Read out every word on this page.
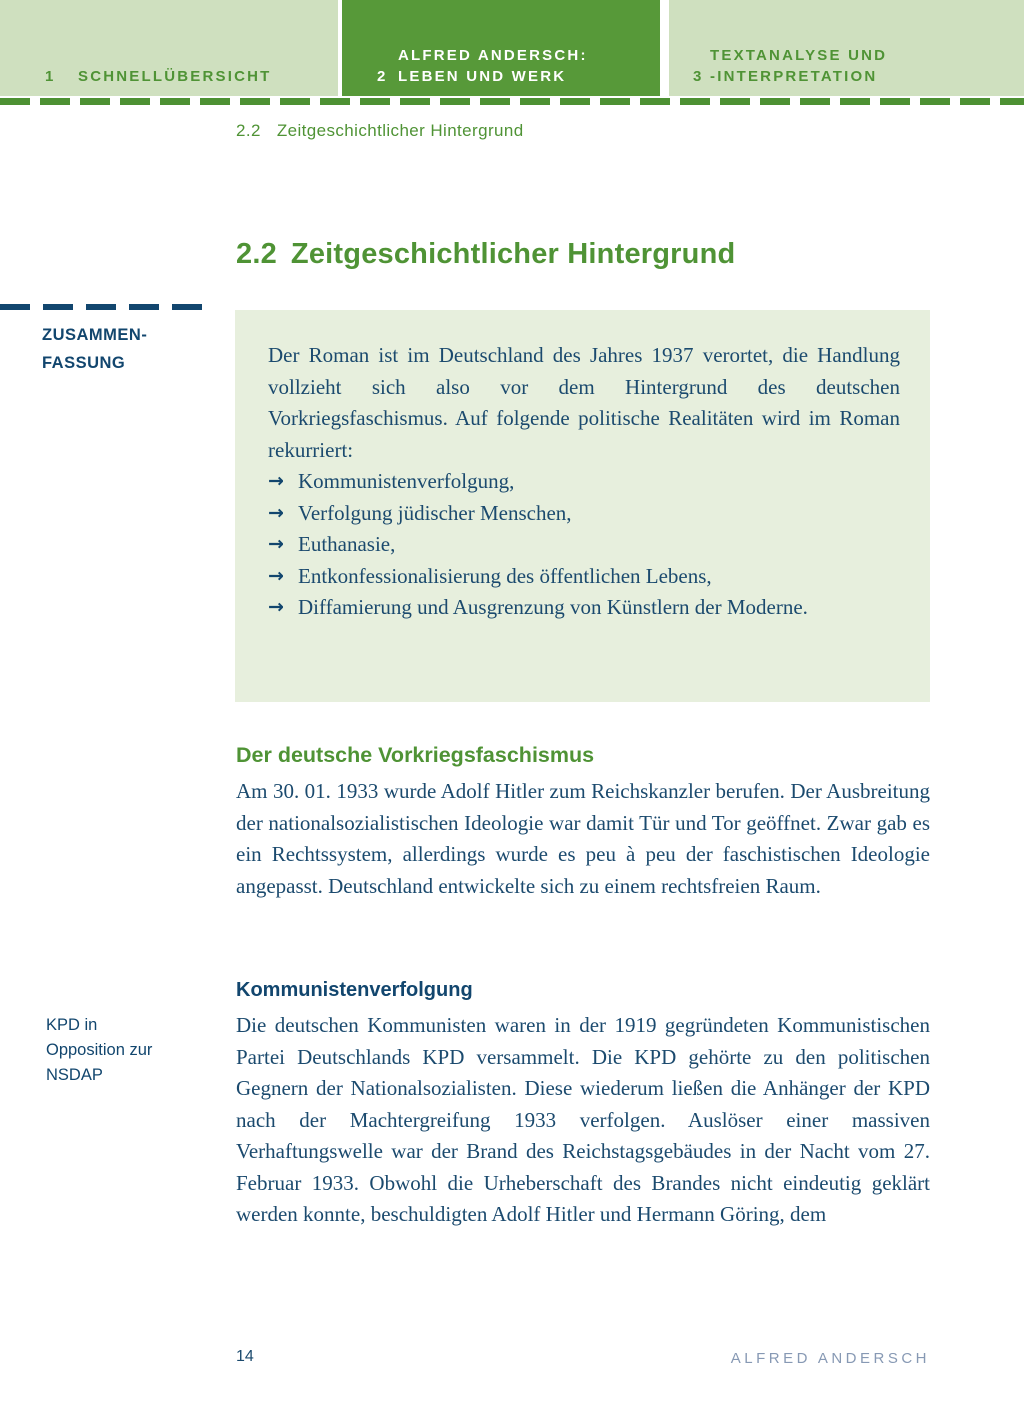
1	SCHNELLÜBERSICHT	2
ALFRED ANDERSCH:
LEBEN UND WERK	3
TEXTANALYSE UND
-INTERPRETATION
2.2 Zeitgeschichtlicher Hintergrund
2.2 Zeitgeschichtlicher Hintergrund
ZUSAMMEN-
FASSUNG	Der Roman ist im Deutschland des Jahres 1937 verortet, die Handlung vollzieht sich also vor dem Hintergrund des deutschen Vorkriegsfaschismus. Auf folgende politische Realitäten wird im Roman rekurriert:

→ Kommunistenverfolgung,
→ Verfolgung jüdischer Menschen,
→ Euthanasie,
→ Entkonfessionalisierung des öffentlichen Lebens,
→ Diffamierung und Ausgrenzung von Künstlern der Moderne.
Der deutsche Vorkriegsfaschismus

Am 30. 01. 1933 wurde Adolf Hitler zum Reichskanzler berufen. Der Ausbreitung der nationalsozialistischen Ideologie war damit Tür und Tor geöffnet. Zwar gab es ein Rechtssystem, allerdings wurde es peu à peu der faschistischen Ideologie angepasst. Deutschland entwickelte sich zu einem rechtsfreien Raum.

Kommunistenverfolgung
KPD in Opposition zur NSDAP

Die deutschen Kommunisten waren in der 1919 gegründeten Kommunistischen Partei Deutschlands KPD versammelt. Die KPD gehörte zu den politischen Gegnern der Nationalsozialisten. Diese wiederum ließen die Anhänger der KPD nach der Machtergreifung 1933 verfolgen. Auslöser einer massiven Verhaftungswelle war der Brand des Reichstagsgebäudes in der Nacht vom 27. Februar 1933. Obwohl die Urheberschaft des Brandes nicht eindeutig geklärt werden konnte, beschuldigten Adolf Hitler und Hermann Göring, dem

14	ALFRED ANDERSCH
